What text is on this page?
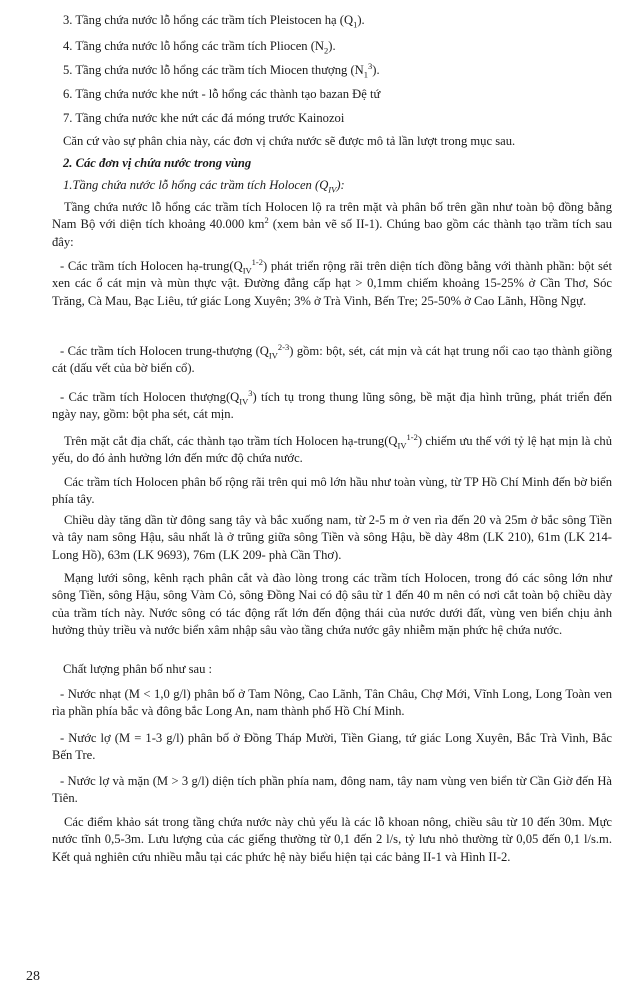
3. Tầng chứa nước lỗ hổng các trầm tích Pleistocen hạ $(Q_1)$.
4. Tầng chứa nước lỗ hổng các trầm tích Pliocen $(N_2)$.
5. Tầng chứa nước lỗ hổng các trầm tích Miocen thượng $(N_1^3)$.
6. Tầng chứa nước khe nứt - lỗ hổng các thành tạo bazan Đệ tứ
7. Tầng chứa nước khe nứt các đá móng trước Kainozoi
Căn cứ vào sự phân chia này, các đơn vị chứa nước sẽ được mô tả lần lượt trong mục sau.
2. Các đơn vị chứa nước trong vùng
1.Tầng chứa nước lỗ hổng các trầm tích Holocen $(Q_{IV})$:
Tầng chứa nước lỗ hổng các trầm tích Holocen lộ ra trên mặt và phân bố trên gần như toàn bộ đồng bằng Nam Bộ với diện tích khoảng 40.000 $km^2$ (xem bản vẽ số II-1). Chúng bao gồm các thành tạo trầm tích sau đây:
- Các trầm tích Holocen $hạ-trung(Q_{IV}^{1-2})$ phát triển rộng rãi trên diện tích đồng bằng với thành phần: bột sét xen các ổ cát mịn và mùn thực vật. Đường đẳng cấp hạt > 0,1mm chiếm khoảng 15-25% ở Cần Thơ, Sóc Trăng, Cà Mau, Bạc Liêu, tứ giác Long Xuyên; 3% ở Trà Vinh, Bến Tre; 25-50% ở Cao Lãnh, Hồng Ngự.
- Các trầm tích Holocen trung-thượng $(Q_{IV}^{2-3})$ gồm: bột, sét, cát mịn và cát hạt trung nổi cao tạo thành giồng cát (dấu vết của bờ biển cổ).
- Các trầm tích Holocen $thượng(Q_{IV}^3)$ tích tụ trong thung lũng sông, bề mặt địa hình trũng, phát triển đến ngày nay, gồm: bột pha sét, cát mịn.
Trên mặt cắt địa chất, các thành tạo trầm tích Holocen $hạ-trung(Q_{IV}^{1-2})$ chiếm ưu thế với tỷ lệ hạt mịn là chủ yếu, do đó ảnh hưởng lớn đến mức độ chứa nước.
Các trầm tích Holocen phân bố rộng rãi trên qui mô lớn hầu như toàn vùng, từ TP Hồ Chí Minh đến bờ biển phía tây.
Chiều dày tăng dần từ đông sang tây và bắc xuống nam, từ 2-5 m ở ven rìa đến 20 và 25m ở bắc sông Tiền và tây nam sông Hậu, sâu nhất là ở trũng giữa sông Tiền và sông Hậu, bề dày 48m (LK 210), 61m (LK 214- Long Hồ), 63m (LK 9693), 76m (LK 209- phà Cần Thơ).
Mạng lưới sông, kênh rạch phân cắt và đào lòng trong các trầm tích Holocen, trong đó các sông lớn như sông Tiền, sông Hậu, sông Vàm Cỏ, sông Đồng Nai có độ sâu từ 1 đến 40 m nên có nơi cắt toàn bộ chiều dày của trầm tích này. Nước sông có tác động rất lớn đến động thái của nước dưới đất, vùng ven biển chịu ảnh hưởng thủy triều và nước biển xâm nhập sâu vào tầng chứa nước gây nhiễm mặn phức hệ chứa nước.
Chất lượng phân bố như sau :
- Nước nhạt (M < 1,0 g/l) phân bố ở Tam Nông, Cao Lãnh, Tân Châu, Chợ Mới, Vĩnh Long, Long Toàn ven rìa phần phía bắc và đông bắc Long An, nam thành phố Hồ Chí Minh.
- Nước lợ (M = 1-3 g/l) phân bố ở Đồng Tháp Mười, Tiền Giang, tứ giác Long Xuyên, Bắc Trà Vinh, Bắc Bến Tre.
- Nước lợ và mặn (M > 3 g/l) diện tích phần phía nam, đông nam, tây nam vùng ven biển từ Cần Giờ đến Hà Tiên.
Các điểm khảo sát trong tầng chứa nước này chủ yếu là các lỗ khoan nông, chiều sâu từ 10 đến 30m. Mực nước tĩnh 0,5-3m. Lưu lượng của các giếng thường từ 0,1 đến 2 l/s, tỷ lưu nhỏ thường từ 0,05 đến 0,1 l/s.m. Kết quả nghiên cứu nhiều mẫu tại các phức hệ này biểu hiện tại các bảng II-1 và Hình II-2.
28
